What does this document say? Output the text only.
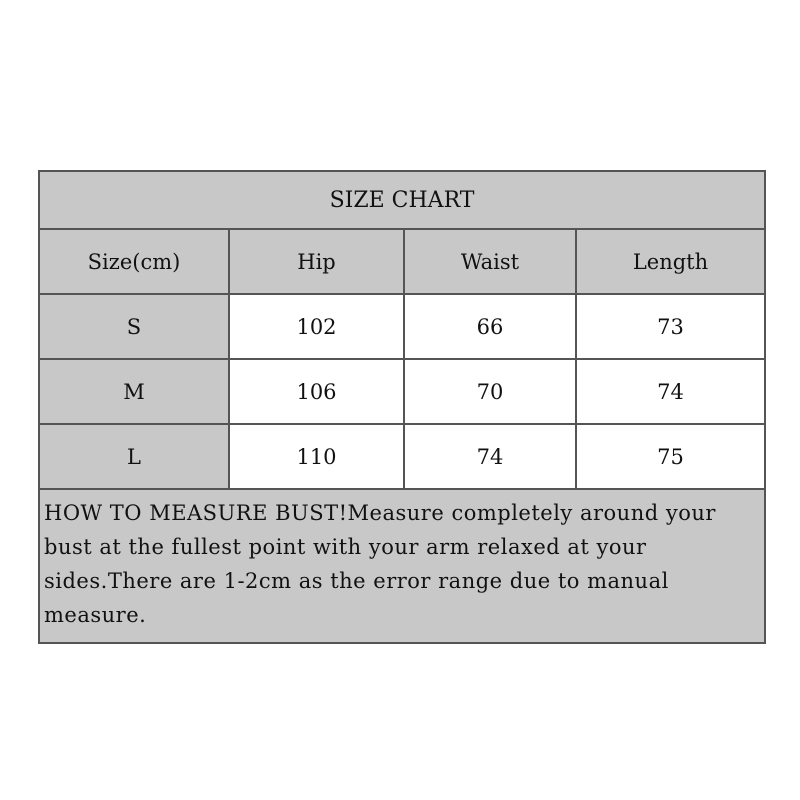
SIZE CHART
Size(cm)	Hip	Waist	Length
S	102	66	73
M	106	70	74
L	110	74	75
HOW TO MEASURE BUST!Measure completely around your bust at the fullest point with your arm relaxed at your sides.There are 1-2cm as the error range due to manual measure.
